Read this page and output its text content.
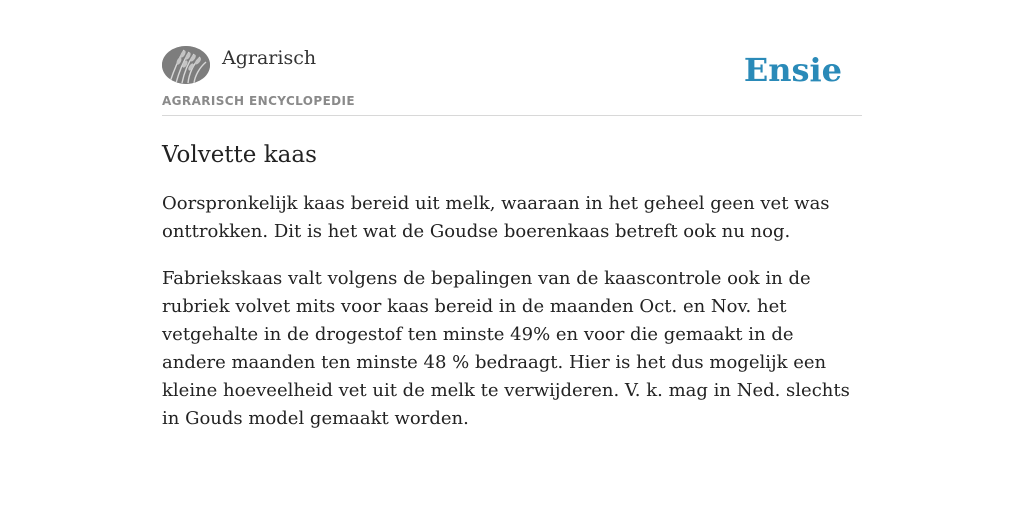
Agrarisch
AGRARISCH ENCYCLOPEDIE
Ensie
Volvette kaas

Oorspronkelijk kaas bereid uit melk, waaraan in het geheel geen vet was onttrokken. Dit is het wat de Goudse boerenkaas betreft ook nu nog.

Fabriekskaas valt volgens de bepalingen van de kaascontrole ook in de rubriek volvet mits voor kaas bereid in de maanden Oct. en Nov. het vetgehalte in de drogestof ten minste 49% en voor die gemaakt in de andere maanden ten minste 48 % bedraagt. Hier is het dus mogelijk een kleine hoeveelheid vet uit de melk te verwijderen. V. k. mag in Ned. slechts in Gouds model gemaakt worden.
